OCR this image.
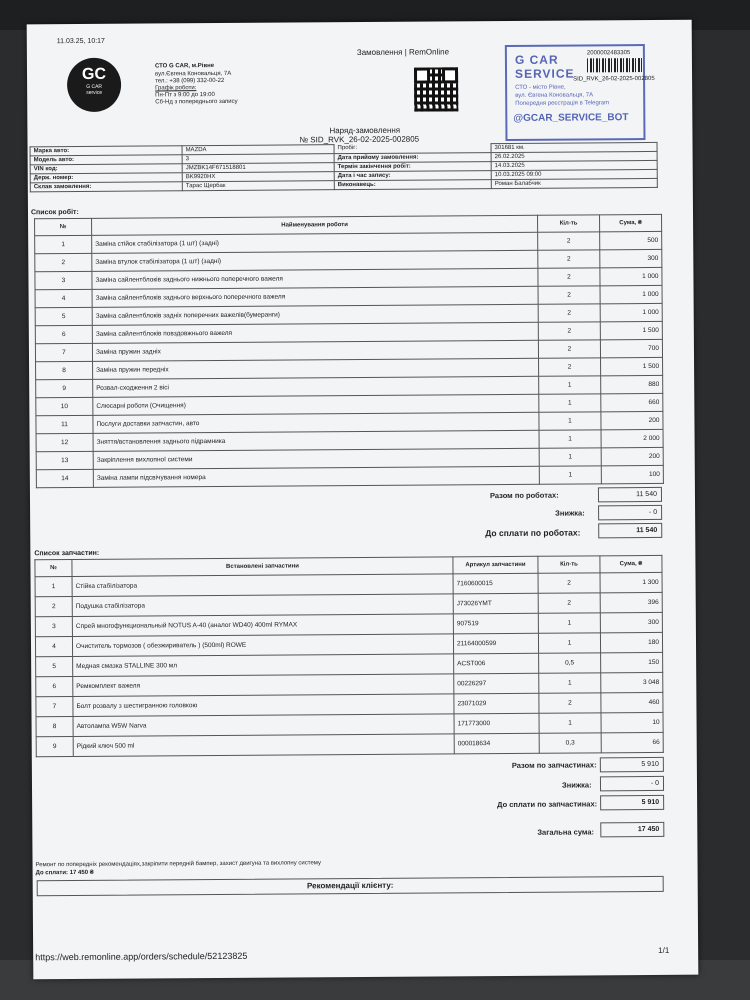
11.03.25, 10:17
Замовлення | RemOnline
GC
G CAR
service
СТО G CAR, м.Рівне
вул.Євгена Коновальця, 7А
тел.: +38 (099) 332-00-22
Графік роботи:
Пн-Пт з 9:00 до 19:00
Сб-Нд з попереднього запису
G CAR
SERVICE
СТО - місто Рівне,
вул. Євгена Коновальця, 7А
Попередня реєстрація в Telegram
@GCAR_SERVICE_BOT
2000002483305
SID_RVK_26-02-2025-002805
Наряд-замовлення
№ SID_RVK_26-02-2025-002805
Марка авто:	MAZDA	Пробіг:	301681 км.
Модель авто:	3	Дата прийому замовлення:	26.02.2025
VIN код:	JMZBK14F671518801	Термін закінчення робіт:	14.03.2025
Держ. номер:	BK9920HX	Дата і час запису:	10.03.2025 09:00
Склав замовлення:	Тарас Щербак	Виконавець:	Роман Балабчик
Список робіт:
№	Найменування роботи	Кіл-ть	Сума, ₴
1	Заміна стійок стабілізатора (1 шт) (задні)	2	500
2	Заміна втулок стабілізатора (1 шт) (задні)	2	300
3	Заміна сайлентблоків заднього нижнього поперечного важеля	2	1 000
4	Заміна сайлентблоків заднього верхнього поперечного важеля	2	1 000
5	Заміна сайлентблоків задніх поперечних важелів(бумеранги)	2	1 000
6	Заміна сайлентблоків повздовжнього важеля	2	1 500
7	Заміна пружин задніх	2	700
8	Заміна пружин передніх	2	1 500
9	Розвал-сходження 2 вісі	1	880
10	Слюсарні роботи (Очищення)	1	660
11	Послуги доставки запчастин, авто	1	200
12	Зняття/встановлення заднього підрамника	1	2 000
13	Закріплення вихлопної системи	1	200
14	Заміна лампи підсвічування номера	1	100
Разом по роботах:	11 540
Знижка:	- 0
До сплати по роботах:	11 540
Список запчастин:
№	Встановлені запчастини	Артикул запчастини	Кіл-ть	Сума, ₴
1	Стійка стабілізатора	7160600015	2	1 300
2	Подушка стабілізатора	J73026YMT	2	396
3	Спрей многофункциональный NOTUS A-40 (аналог WD40) 400ml RYMAX	907519	1	300
4	Очиститель тормозов ( обезжириватель ) (500ml) ROWE	21164000599	1	180
5	Медная смазка STALLINE 300 мл	ACST006	0,5	150
6	Ремкомплект важеля	00226297	1	3 048
7	Болт розвалу з шестигранною головкою	23071029	2	460
8	Автолампа W5W Narva	171773000	1	10
9	Рідкий ключ 500 ml	000018634	0,3	66
Разом по запчастинах:	5 910
Знижка:	- 0
До сплати по запчастинах:	5 910
Загальна сума:	17 450
Ремонт по попередніх рекомендаціях,закріпити передній бампер, захист двигуна та вихлопну систему
До сплати: 17 450 ₴
Рекомендації клієнту:
https://web.remonline.app/orders/schedule/52123825
1/1
